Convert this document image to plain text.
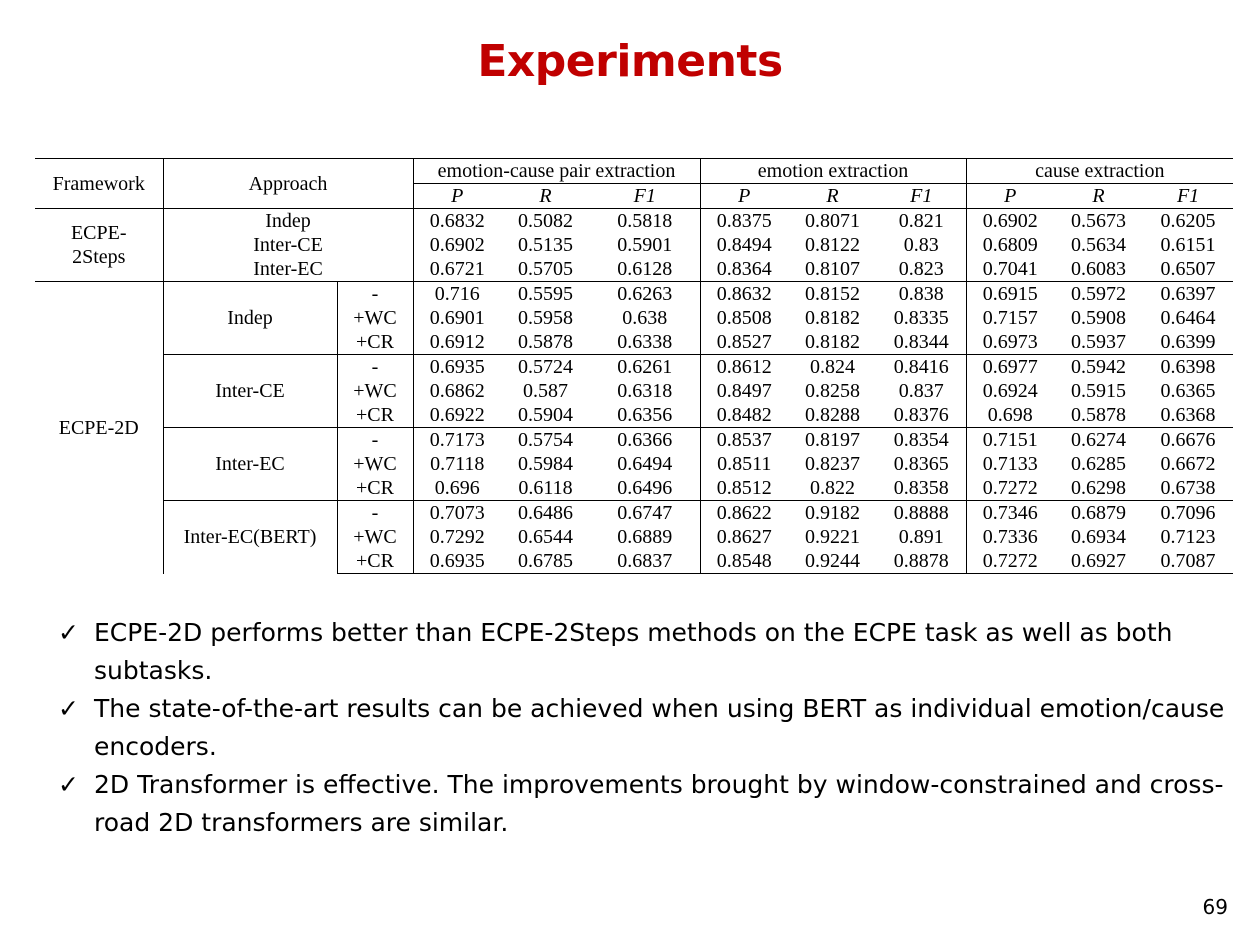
Experiments
Framework	Approach		emotion-cause pair extraction			emotion extraction			cause extraction		
			P	R	F1	P	R	F1	P	R	F1

ECPE-
2Steps	Indep		0.6832	0.5082	0.5818	0.8375	0.8071	0.821	0.6902	0.5673	0.6205
	Inter-CE		0.6902	0.5135	0.5901	0.8494	0.8122	0.83	0.6809	0.5634	0.6151
	Inter-EC		0.6721	0.5705	0.6128	0.8364	0.8107	0.823	0.7041	0.6083	0.6507

ECPE-2D	Indep	-	0.716	0.5595	0.6263	0.8632	0.8152	0.838	0.6915	0.5972	0.6397
		+WC	0.6901	0.5958	0.638	0.8508	0.8182	0.8335	0.7157	0.5908	0.6464
		+CR	0.6912	0.5878	0.6338	0.8527	0.8182	0.8344	0.6973	0.5937	0.6399
	Inter-CE	-	0.6935	0.5724	0.6261	0.8612	0.824	0.8416	0.6977	0.5942	0.6398
		+WC	0.6862	0.587	0.6318	0.8497	0.8258	0.837	0.6924	0.5915	0.6365
		+CR	0.6922	0.5904	0.6356	0.8482	0.8288	0.8376	0.698	0.5878	0.6368
	Inter-EC	-	0.7173	0.5754	0.6366	0.8537	0.8197	0.8354	0.7151	0.6274	0.6676
		+WC	0.7118	0.5984	0.6494	0.8511	0.8237	0.8365	0.7133	0.6285	0.6672
		+CR	0.696	0.6118	0.6496	0.8512	0.822	0.8358	0.7272	0.6298	0.6738
	Inter-EC(BERT)	-	0.7073	0.6486	0.6747	0.8622	0.9182	0.8888	0.7346	0.6879	0.7096
		+WC	0.7292	0.6544	0.6889	0.8627	0.9221	0.891	0.7336	0.6934	0.7123
		+CR	0.6935	0.6785	0.6837	0.8548	0.9244	0.8878	0.7272	0.6927	0.7087
✓ ECPE-2D performs better than ECPE-2Steps methods on the ECPE task as well as both subtasks.
✓ The state-of-the-art results can be achieved when using BERT as individual emotion/cause encoders.
✓ 2D Transformer is effective. The improvements brought by window-constrained and cross-road 2D transformers are similar.
69
